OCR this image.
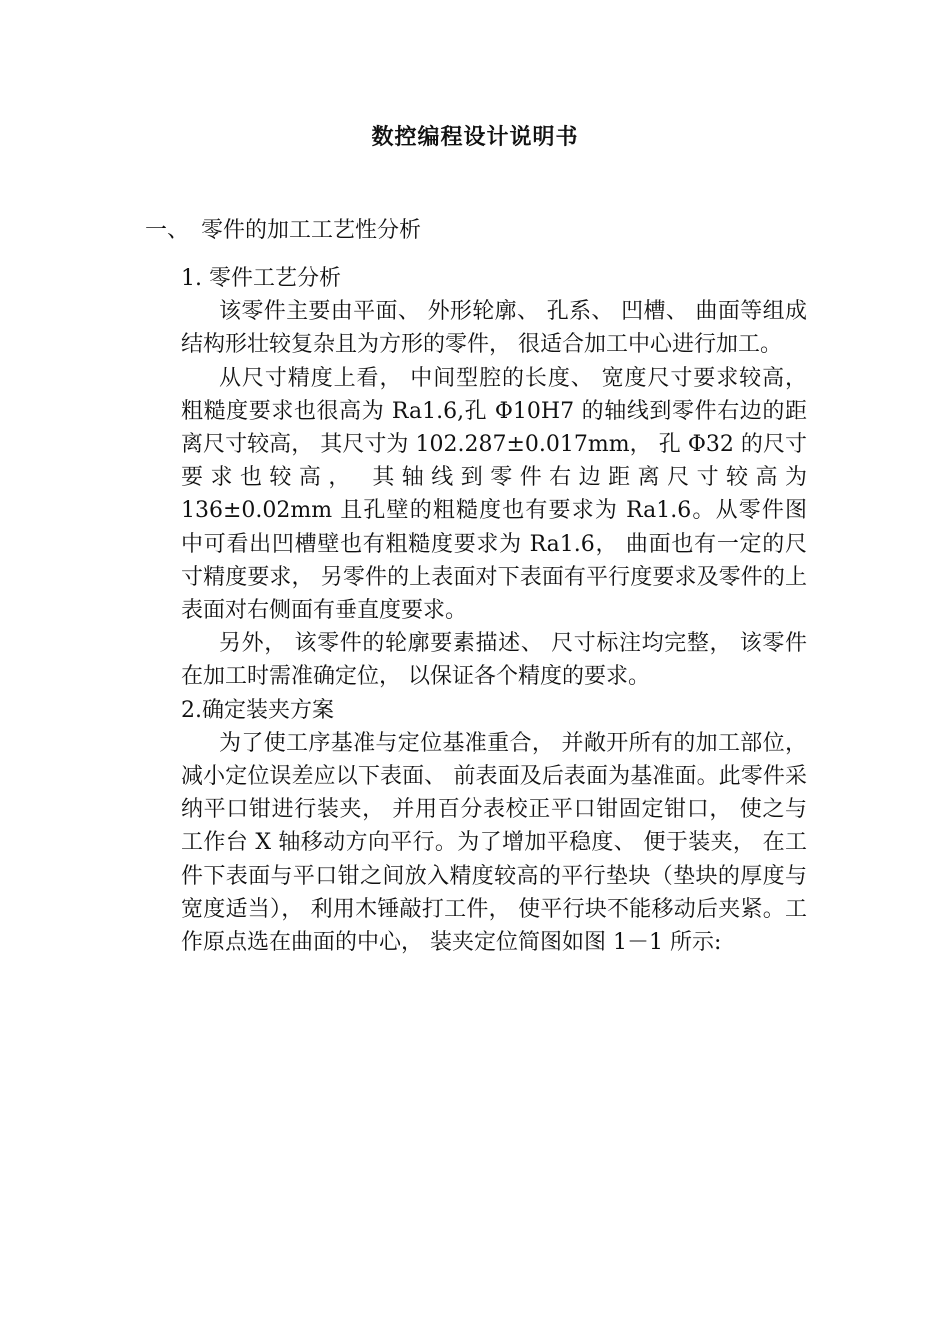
数控编程设计说明书
一、 零件的加工工艺性分析

1. 零件工艺分析

该零件主要由平面、 外形轮廓、 孔系、 凹槽、 曲面等组成结构形壮较复杂且为方形的零件， 很适合加工中心进行加工。

从尺寸精度上看， 中间型腔的长度、 宽度尺寸要求较高， 粗糙度要求也很高为 Ra1.6,孔 Φ10H7 的轴线到零件右边的距离尺寸较高， 其尺寸为 102.287±0.017mm， 孔 Φ32 的尺寸要求也较高， 其轴线到零件右边距离尺寸较高为 136±0.02mm 且孔壁的粗糙度也有要求为 Ra1.6。从零件图中可看出凹槽壁也有粗糙度要求为 Ra1.6， 曲面也有一定的尺寸精度要求， 另零件的上表面对下表面有平行度要求及零件的上表面对右侧面有垂直度要求。

另外， 该零件的轮廓要素描述、 尺寸标注均完整， 该零件在加工时需准确定位， 以保证各个精度的要求。

2.确定装夹方案

为了使工序基准与定位基准重合， 并敞开所有的加工部位， 减小定位误差应以下表面、 前表面及后表面为基准面。此零件采纳平口钳进行装夹， 并用百分表校正平口钳固定钳口， 使之与工作台 X 轴移动方向平行。为了增加平稳度、 便于装夹， 在工件下表面与平口钳之间放入精度较高的平行垫块（垫块的厚度与宽度适当）， 利用木锤敲打工件， 使平行块不能移动后夹紧。工作原点选在曲面的中心， 装夹定位简图如图 1－1 所示:
